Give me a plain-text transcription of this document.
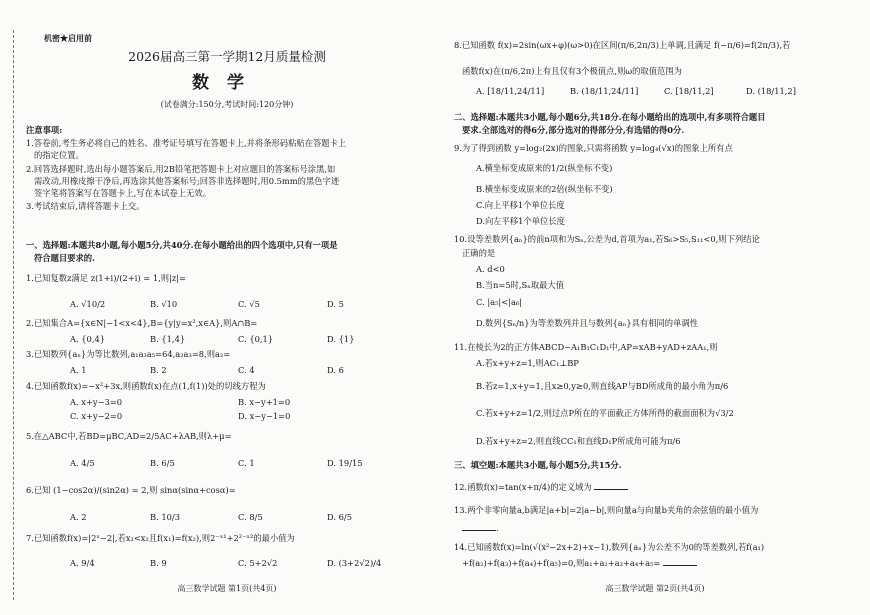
机密★启用前
2026届高三第一学期12月质量检测
数学
(试卷满分:150分,考试时间:120分钟)
注意事项:
1.答卷前,考生务必将自己的姓名、准考证号填写在答题卡上,并将条形码粘贴在答题卡上
的指定位置。
2.回答选择题时,选出每小题答案后,用2B铅笔把答题卡上对应题目的答案标号涂黑,如
需改动,用橡皮擦干净后,再选涂其他答案标号;回答非选择题时,用0.5mm的黑色字迹
签字笔将答案写在答题卡上,写在本试卷上无效。
3.考试结束后,请将答题卡上交。
一、选择题:本题共8小题,每小题5分,共40分.在每小题给出的四个选项中,只有一项是
符合题目要求的.
1.已知复数z满足 z(1+i)/(2+i) = 1,则|z|=
A. √10/2	B. √10	C. √5	D. 5
2.已知集合A={x∈N|−1<x<4},B={y|y=x²,x∈A},则A∩B=
A. {0,4}	B. {1,4}	C. {0,1}	D. {1}
3.已知数列{aₙ}为等比数列,a₁a₃a₅=64,a₂a₃=8,则a₂=
A. 1	B. 2	C. 4	D. 6
4.已知函数f(x)=−x²+3x,则函数f(x)在点(1,f(1))处的切线方程为
A. x+y−3=0	B. x−y+1=0
C. x+y−2=0	D. x−y−1=0
5.在△ABC中,若BD=μBC,AD=2/5AC+λAB,则λ+μ=
A. 4/5	B. 6/5	C. 1	D. 19/15
6.已知 (1−cos2α)/(sin2α) = 2,则 sinα(sinα+cosα)=
A. 2	B. 10/3	C. 8/5	D. 6/5
7.已知函数f(x)=|2ˣ−2|,若x₁<x₂且f(x₁)=f(x₂),则2⁻ˣ¹+2²⁻ˣ²的最小值为
A. 9/4	B. 9	C. 5+2√2	D. (3+2√2)/4
高三数学试题 第1页(共4页)
8.已知函数 f(x)=2sin(ωx+φ)(ω>0)在区间(π/6,2π/3)上单调,且满足 f(−π/6)=f(2π/3),若
函数f(x)在(π/6,2π)上有且仅有3个极值点,则ω的取值范围为
A. [18/11,24/11]	B. (18/11,24/11]	C. [18/11,2]	D. (18/11,2]
二、选择题:本题共3小题,每小题6分,共18分.在每小题给出的选项中,有多项符合题目
要求.全部选对的得6分,部分选对的得部分分,有选错的得0分.
9.为了得到函数 y=log₂(2x)的图象,只需将函数 y=log₄(√x)的图象上所有点
A.横坐标变成原来的1/2(纵坐标不变)
B.横坐标变成原来的2倍(纵坐标不变)
C.向上平移1个单位长度
D.向左平移1个单位长度
10.设等差数列{aₙ}的前n项和为Sₙ,公差为d,首项为a₁,若S₆>S₅,S₁₁<0,则下列结论
正确的是
A. d<0
B.当n=5时,Sₙ取最大值
C. |a₅|<|a₆|
D.数列{Sₙ/n}为等差数列并且与数列{aₙ}具有相同的单调性
11.在棱长为2的正方体ABCD−A₁B₁C₁D₁中,AP=xAB+yAD+zAA₁,则
A.若x+y+z=1,则AC₁⊥BP
B.若z=1,x+y=1,且x≥0,y≥0,则直线AP与BD所成角的最小角为π/6
C.若x+y+z=1/2,则过点P所在的平面截正方体所得的截面面积为√3/2
D.若x+y+z=2,则直线CC₁和直线D₁P所成角可能为π/6
三、填空题:本题共3小题,每小题5分,共15分.
12.函数f(x)=tan(x+π/4)的定义域为
13.两个非零向量a,b满足|a+b|=2|a−b|,则向量a与向量b夹角的余弦值的最小值为
.
14.已知函数f(x)=ln(√(x²−2x+2)+x−1),数列{aₙ}为公差不为0的等差数列,若f(a₁)
+f(a₂)+f(a₃)+f(a₄)+f(a₅)=0,则a₁+a₂+a₃+a₄+a₅=
高三数学试题 第2页(共4页)
